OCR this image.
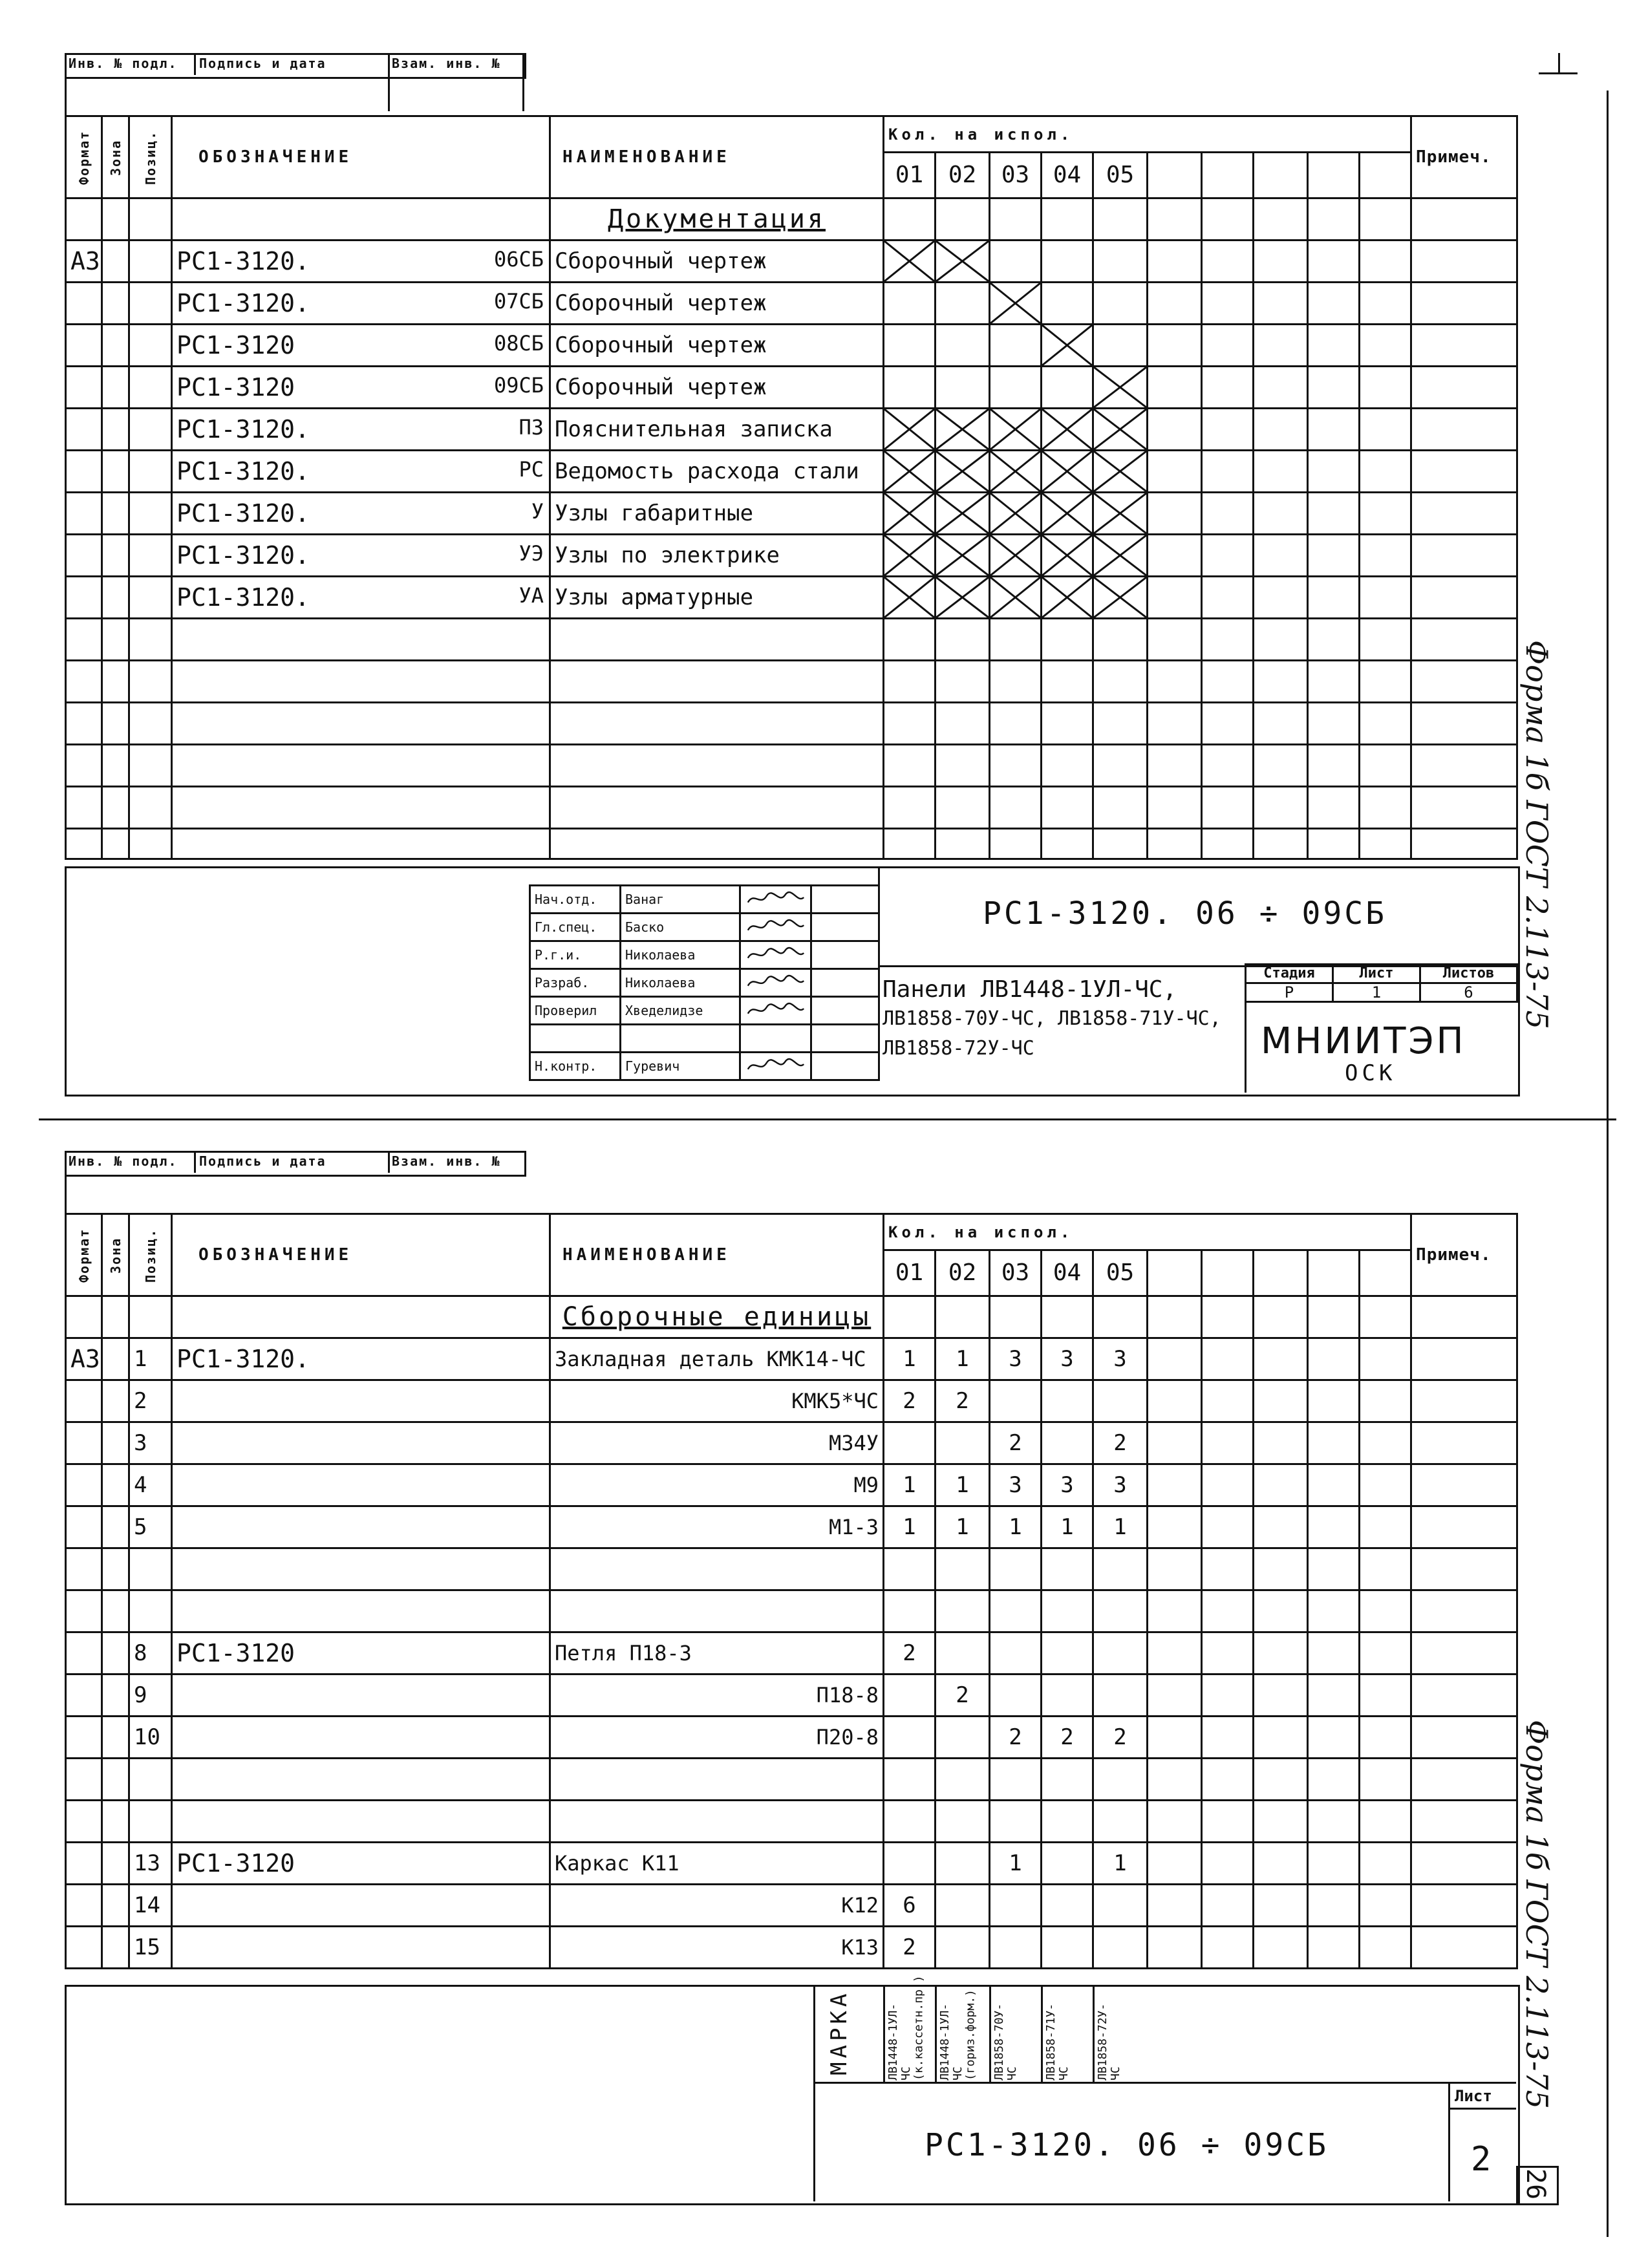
Инв. № подл. Подпись и дата	Взам. инв. №
Формат	Зона	Позиц.	ОБОЗНАЧЕНИЕ	НАИМЕНОВАНИЕ	Кол. на испол.										Примеч.
					01	02	03	04	05						
				Документация											
А3			РС1-3120. 06СБ	Сборочный чертеж	

			РС1-3120. 07СБ	Сборочный чертеж			

			РС1-3120 08СБ	Сборочный чертеж				

			РС1-3120 09СБ	Сборочный чертеж					

			РС1-3120. П3	Пояснительная записка	

			РС1-3120. РС	Ведомость расхода стали	

			РС1-3120. У	Узлы габаритные	

			РС1-3120. УЭ	Узлы по электрике	

			РС1-3120. УА	Узлы арматурные	

Нач.отд.	Ванаг		
Гл.спец.	Баско		
Р.г.и.	Николаева		
Разраб.	Николаева		
Проверил	Хведелидзе		

Н.контр.	Гуревич		
РС1-3120. 06 ÷ 09СБ
Панели ЛВ1448-1УЛ-ЧС,
ЛВ1858-70У-ЧС, ЛВ1858-71У-ЧС,
ЛВ1858-72У-ЧС
Стадия	Лист	Листов
Р	1	6
МНИИТЭП
ОСК
Форма 1б ГОСТ 2.113-75
Инв. № подл. Подпись и дата	Взам. инв. №
Формат	Зона	Позиц.	ОБОЗНАЧЕНИЕ	НАИМЕНОВАНИЕ	Кол. на испол.										Примеч.
					01	02	03	04	05						
				Сборочные единицы											
А3		1	РС1-3120.	Закладная деталь КМК14-ЧС	1	1	3	3	3						
		2		КМК5*ЧС	2	2									
		3		М34У			2		2						
		4		М9	1	1	3	3	3						
		5		М1-3	1	1	1	1	1						

		8	РС1-3120	Петля П18-3	2										
		9		П18-8		2									
		10		П20-8			2	2	2						

		13	РС1-3120	Каркас К11			1		1						
		14		К12	6										
		15		К13	2										
МАРКА	ЛВ1448-1УЛ-ЧС (к.кассетн.пр.)	ЛВ1448-1УЛ-ЧС (гориз.форм.)	ЛВ1858-70У-ЧС	ЛВ1858-71У-ЧС	ЛВ1858-72У-ЧС
РС1-3120. 06 ÷ 09СБ
Лист
2
Форма 1б ГОСТ 2.113-75
26
